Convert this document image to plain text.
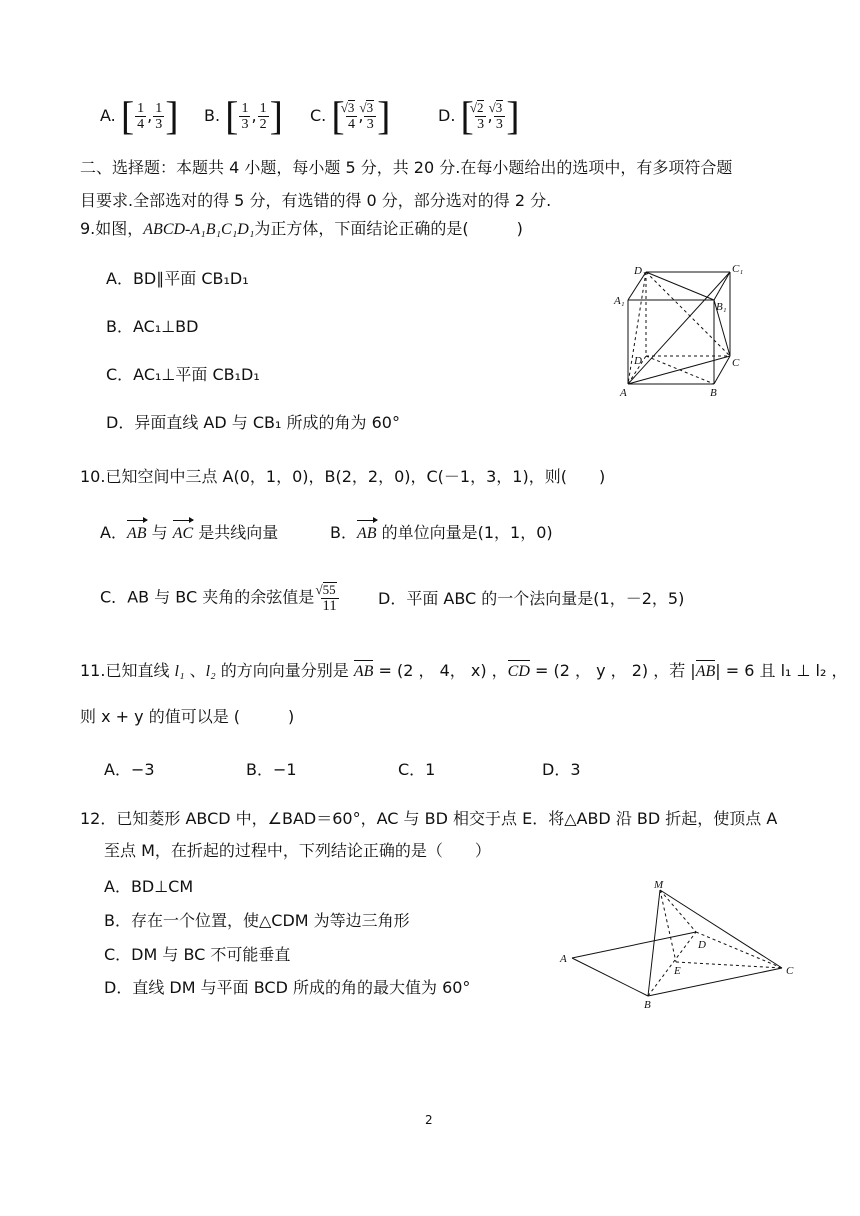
A.
[ $\frac{1}{4}$ , $\frac{1}{3}$ ] B.
[ $\frac{1}{3}$ , $\frac{1}{2}$ ] C.
[ √ $\frac{3}{4}$ , √ $\frac{3}{3}$ ]	D.
[ √ $\frac{2}{3}$ , √ $\frac{3}{3}$ ]
二、选择题：本题共 4 小题，每小题 5 分，共 20 分.在每小题给出的选项中，有多项符合题
目要求.全部选对的得 5 分，有选错的得 0 分，部分选对的得 2 分.
9.如图，ABCD-A₁B₁C₁D₁为正方体，下面结论正确的是(　　　)
A．BD∥平面 CB₁D₁
B．AC₁⊥BD
C．AC₁⊥平面 CB₁D₁
D．异面直线 AD 与 CB₁ 所成的角为 60°
D₁	C₁
A₁	B₁
D	C
A	B
10.已知空间中三点 A(0，1，0)，B(2，2，0)，C(－1，3，1)，则(　　)
A．AB 与 AC 是共线向量	B．AB 的单位向量是(1，1，0)
C．AB 与 BC 夹角的余弦值是 √ $\frac{55}{11}$ D．平面 ABC 的一个法向量是(1，－2，5)
11.已知直线 l₁ 、l₂ 的方向向量分别是 AB = (2 ， 4， x) ，CD = (2 ， y ， 2) ，若 |AB| = 6 且 l₁ ⊥ l₂ ，
则 x + y 的值可以是 (　　　)
A．−3	B．−1	C．1	D．3
12．已知菱形 ABCD 中，∠BAD＝60°，AC 与 BD 相交于点 E．将△ABD 沿 BD 折起，使顶点 A
至点 M，在折起的过程中，下列结论正确的是（　　）
A．BD⊥CM
B．存在一个位置，使△CDM 为等边三角形
C．DM 与 BC 不可能垂直
D．直线 DM 与平面 BCD 所成的角的最大值为 60°
M
A
D
E	C
B
2
